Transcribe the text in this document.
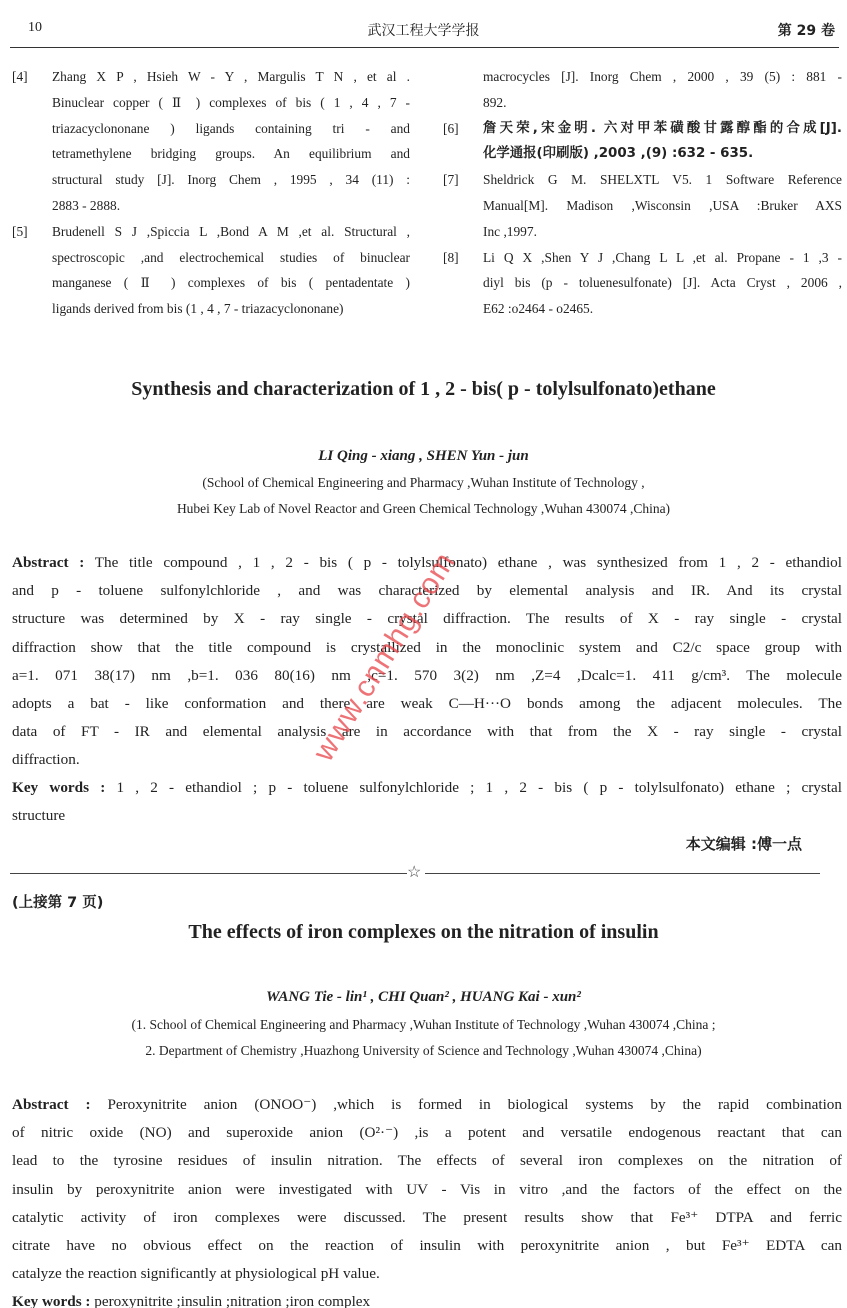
10	武汉工程大学学报	第 29 卷
[4] Zhang X P , Hsieh W - Y , Margulis T N , et al .
Binuclear copper ( Ⅱ ) complexes of bis ( 1 , 4 , 7 -
triazacyclononane ) ligands containing tri - and
tetramethylene bridging groups. An equilibrium and
structural study [J]. Inorg Chem , 1995 , 34 (11) :
2883 - 2888.
[5] Brudenell S J ,Spiccia L ,Bond A M ,et al. Structural ,
spectroscopic ,and electrochemical studies of binuclear
manganese ( Ⅱ ) complexes of bis ( pentadentate )
ligands derived from bis (1 , 4 , 7 - triazacyclononane)
macrocycles [J]. Inorg Chem , 2000 , 39 (5) : 881 -
892.
[6] 詹天荣,宋金明. 六对甲苯磺酸甘露醇酯的合成[J].
化学通报(印刷版) ,2003 ,(9) :632 - 635.
[7] Sheldrick G M. SHELXTL V5. 1 Software Reference
Manual[M]. Madison ,Wisconsin ,USA :Bruker AXS
Inc ,1997.
[8] Li Q X ,Shen Y J ,Chang L L ,et al. Propane - 1 ,3 -
diyl bis (p - toluenesulfonate) [J]. Acta Cryst , 2006 ,
E62 :o2464 - o2465.
Synthesis and characterization of 1 , 2 - bis( p - tolylsulfonato)ethane
LI Qing - xiang , SHEN Yun - jun
(School of Chemical Engineering and Pharmacy ,Wuhan Institute of Technology ,
Hubei Key Lab of Novel Reactor and Green Chemical Technology ,Wuhan 430074 ,China)
Abstract : The title compound , 1 , 2 - bis ( p - tolylsulfonato) ethane , was synthesized from 1 , 2 - ethandiol
and p - toluene sulfonylchloride , and was characterized by elemental analysis and IR. And its crystal
structure was determined by X - ray single - crystal diffraction. The results of X - ray single - crystal
diffraction show that the title compound is crystallized in the monoclinic system and C2/c space group with
a=1. 071 38(17) nm ,b=1. 036 80(16) nm ,c=1. 570 3(2) nm ,Z=4 ,Dcalc=1. 411 g/cm³. The molecule
adopts a bat - like conformation and there are weak C—H···O bonds among the adjacent molecules. The
data of FT - IR and elemental analysis are in accordance with that from the X - ray single - crystal
diffraction.
Key words : 1 , 2 - ethandiol ; p - toluene sulfonylchloride ; 1 , 2 - bis ( p - tolylsulfonato) ethane ; crystal
structure
本文编辑 :傅一点
☆
(上接第 7 页)
The effects of iron complexes on the nitration of insulin
WANG Tie - lin¹ , CHI Quan² , HUANG Kai - xun²
(1. School of Chemical Engineering and Pharmacy ,Wuhan Institute of Technology ,Wuhan 430074 ,China ;
2. Department of Chemistry ,Huazhong University of Science and Technology ,Wuhan 430074 ,China)
Abstract : Peroxynitrite anion (ONOO⁻) ,which is formed in biological systems by the rapid combination
of nitric oxide (NO) and superoxide anion (O²·⁻) ,is a potent and versatile endogenous reactant that can
lead to the tyrosine residues of insulin nitration. The effects of several iron complexes on the nitration of
insulin by peroxynitrite anion were investigated with UV - Vis in vitro ,and the factors of the effect on the
catalytic activity of iron complexes were discussed. The present results show that Fe³⁺ DTPA and ferric
citrate have no obvious effect on the reaction of insulin with peroxynitrite anion , but Fe³⁺ EDTA can
catalyze the reaction significantly at physiological pH value.
Key words : peroxynitrite ;insulin ;nitration ;iron complex
www.cnmhg.com
